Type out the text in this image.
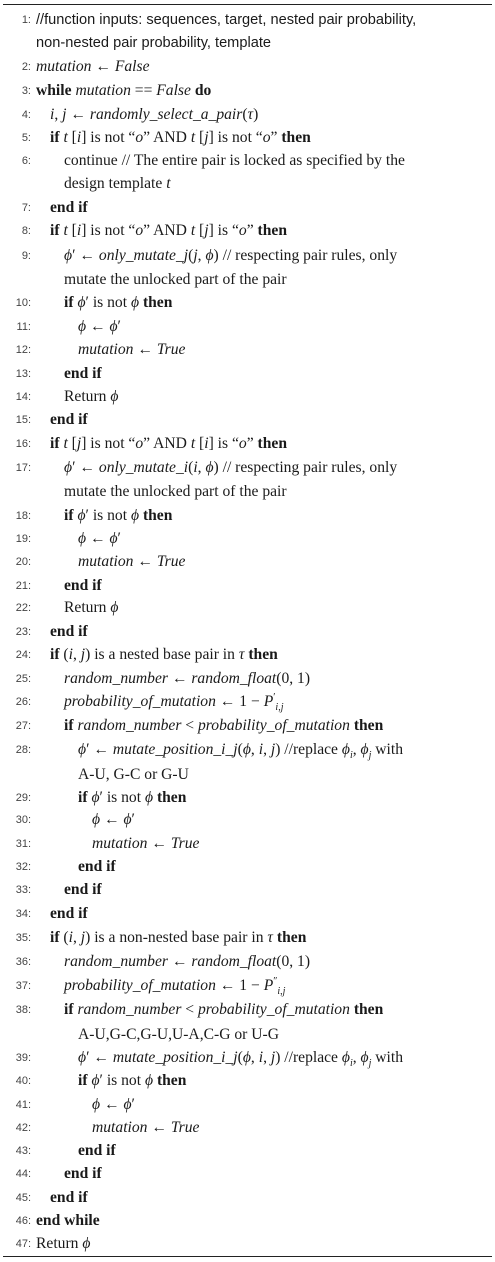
1: //function inputs: sequences, target, nested pair probability,
non-nested pair probability, template
2: mutation ← False
3: while mutation == False do
4: i, j ← randomly_select_a_pair(τ)
5: if t [i] is not “o” AND t [j] is not “o” then
6: continue // The entire pair is locked as specified by the
design template t
7: end if
8: if t [i] is not “o” AND t [j] is “o” then
9: ϕ′ ← only_mutate_j(j, ϕ) // respecting pair rules, only
mutate the unlocked part of the pair
10: if ϕ′ is not ϕ then
11:	ϕ ← ϕ′
12:	mutation ← True
13: end if
14: Return ϕ
15: end if
16: if t [j] is not “o” AND t [i] is “o” then
17: ϕ′ ← only_mutate_i(i, ϕ) // respecting pair rules, only
mutate the unlocked part of the pair
18: if ϕ′ is not ϕ then
19:	ϕ ← ϕ′
20:	mutation ← True
21: end if
22: Return ϕ
23: end if
24: if (i, j) is a nested base pair in τ then
25: random_number ← random_float(0, 1)
26: probability_of_mutation ← $1 - P'_{i,j}$
27: if random_number < probability_of_mutation then
28:	ϕ′ ← mutate_position_i_j(ϕ, i, j) //replace $\phi_i$, $\phi_j$ with
A-U, G-C or G-U
29:	if ϕ′ is not ϕ then
30:	ϕ ← ϕ′
31:	mutation ← True
32:	end if
33: end if
34: end if
35: if (i, j) is a non-nested base pair in τ then
36: random_number ← random_float(0, 1)
37: probability_of_mutation ← $1 - P''_{i,j}$
38: if random_number < probability_of_mutation then
39:	ϕ′ ← mutate_position_i_j(ϕ, i, j) //replace $\phi_i$, $\phi_j$ with
A-U,G-C,G-U,U-A,C-G or U-G
40:	if ϕ′ is not ϕ then
41:	ϕ ← ϕ′
42:	mutation ← True
43:	end if
44: end if
45: end if
46: end while
47: Return ϕ
